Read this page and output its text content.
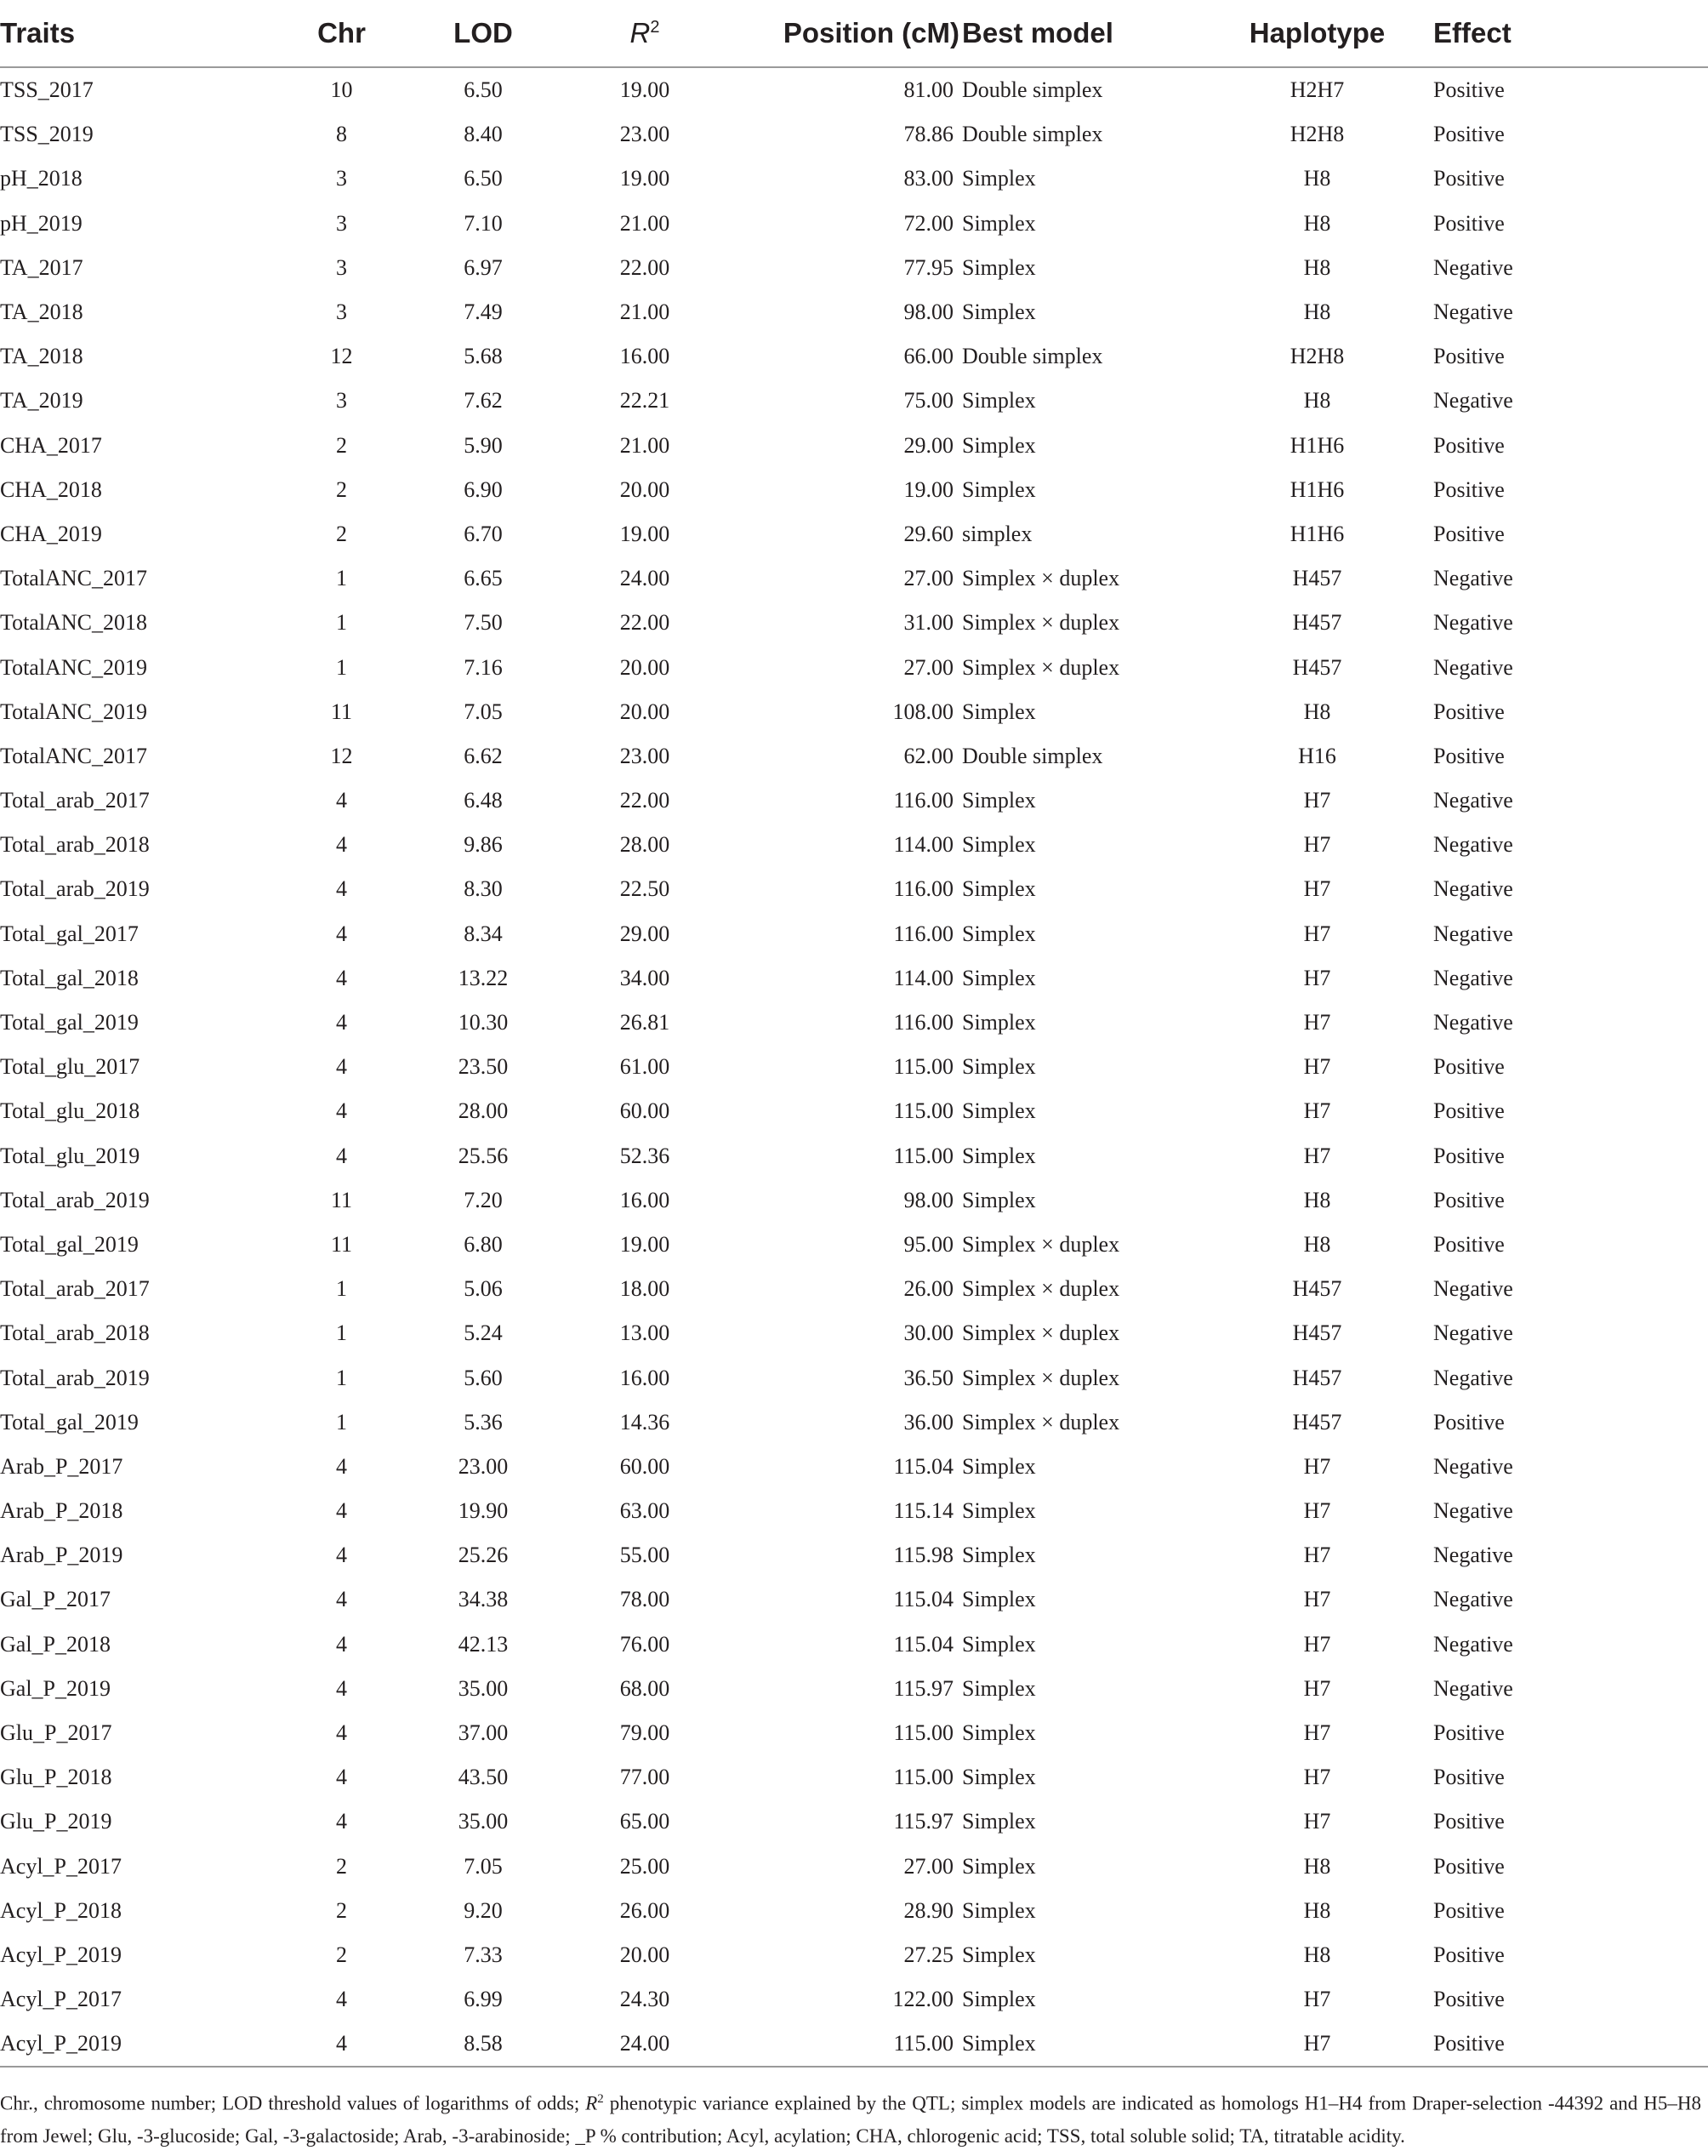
Traits	Chr	LOD	$R^2$	Position (cM)	Best model	Haplotype	Effect
TSS_2017	10	6.50	19.00	81.00	Double simplex	H2H7	Positive
TSS_2019	8	8.40	23.00	78.86	Double simplex	H2H8	Positive
pH_2018	3	6.50	19.00	83.00	Simplex	H8	Positive
pH_2019	3	7.10	21.00	72.00	Simplex	H8	Positive
TA_2017	3	6.97	22.00	77.95	Simplex	H8	Negative
TA_2018	3	7.49	21.00	98.00	Simplex	H8	Negative
TA_2018	12	5.68	16.00	66.00	Double simplex	H2H8	Positive
TA_2019	3	7.62	22.21	75.00	Simplex	H8	Negative
CHA_2017	2	5.90	21.00	29.00	Simplex	H1H6	Positive
CHA_2018	2	6.90	20.00	19.00	Simplex	H1H6	Positive
CHA_2019	2	6.70	19.00	29.60	simplex	H1H6	Positive
TotalANC_2017	1	6.65	24.00	27.00	Simplex × duplex	H457	Negative
TotalANC_2018	1	7.50	22.00	31.00	Simplex × duplex	H457	Negative
TotalANC_2019	1	7.16	20.00	27.00	Simplex × duplex	H457	Negative
TotalANC_2019	11	7.05	20.00	108.00	Simplex	H8	Positive
TotalANC_2017	12	6.62	23.00	62.00	Double simplex	H16	Positive
Total_arab_2017	4	6.48	22.00	116.00	Simplex	H7	Negative
Total_arab_2018	4	9.86	28.00	114.00	Simplex	H7	Negative
Total_arab_2019	4	8.30	22.50	116.00	Simplex	H7	Negative
Total_gal_2017	4	8.34	29.00	116.00	Simplex	H7	Negative
Total_gal_2018	4	13.22	34.00	114.00	Simplex	H7	Negative
Total_gal_2019	4	10.30	26.81	116.00	Simplex	H7	Negative
Total_glu_2017	4	23.50	61.00	115.00	Simplex	H7	Positive
Total_glu_2018	4	28.00	60.00	115.00	Simplex	H7	Positive
Total_glu_2019	4	25.56	52.36	115.00	Simplex	H7	Positive
Total_arab_2019	11	7.20	16.00	98.00	Simplex	H8	Positive
Total_gal_2019	11	6.80	19.00	95.00	Simplex × duplex	H8	Positive
Total_arab_2017	1	5.06	18.00	26.00	Simplex × duplex	H457	Negative
Total_arab_2018	1	5.24	13.00	30.00	Simplex × duplex	H457	Negative
Total_arab_2019	1	5.60	16.00	36.50	Simplex × duplex	H457	Negative
Total_gal_2019	1	5.36	14.36	36.00	Simplex × duplex	H457	Positive
Arab_P_2017	4	23.00	60.00	115.04	Simplex	H7	Negative
Arab_P_2018	4	19.90	63.00	115.14	Simplex	H7	Negative
Arab_P_2019	4	25.26	55.00	115.98	Simplex	H7	Negative
Gal_P_2017	4	34.38	78.00	115.04	Simplex	H7	Negative
Gal_P_2018	4	42.13	76.00	115.04	Simplex	H7	Negative
Gal_P_2019	4	35.00	68.00	115.97	Simplex	H7	Negative
Glu_P_2017	4	37.00	79.00	115.00	Simplex	H7	Positive
Glu_P_2018	4	43.50	77.00	115.00	Simplex	H7	Positive
Glu_P_2019	4	35.00	65.00	115.97	Simplex	H7	Positive
Acyl_P_2017	2	7.05	25.00	27.00	Simplex	H8	Positive
Acyl_P_2018	2	9.20	26.00	28.90	Simplex	H8	Positive
Acyl_P_2019	2	7.33	20.00	27.25	Simplex	H8	Positive
Acyl_P_2017	4	6.99	24.30	122.00	Simplex	H7	Positive
Acyl_P_2019	4	8.58	24.00	115.00	Simplex	H7	Positive
Chr., chromosome number; LOD threshold values of logarithms of odds; $R^2$ phenotypic variance explained by the QTL; simplex models are indicated as homologs H1–H4 from Draper-selection -44392 and H5–H8 from Jewel; Glu, -3-glucoside; Gal, -3-galactoside; Arab, -3-arabinoside; _P % contribution; Acyl, acylation; CHA, chlorogenic acid; TSS, total soluble solid; TA, titratable acidity.
